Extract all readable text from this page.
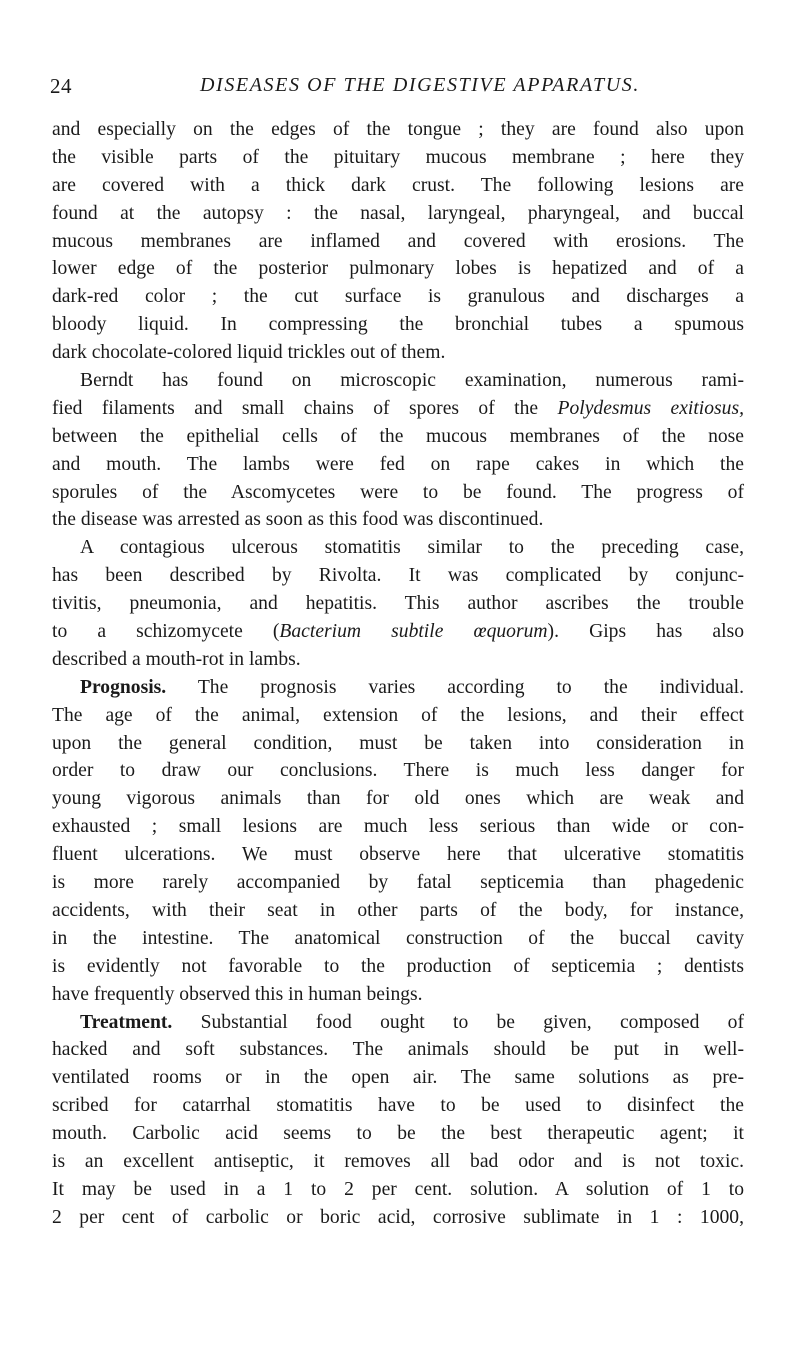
24	DISEASES OF THE DIGESTIVE APPARATUS.
and especially on the edges of the tongue ; they are found also upon
the visible parts of the pituitary mucous membrane ; here they
are covered with a thick dark crust. The following lesions are
found at the autopsy : the nasal, laryngeal, pharyngeal, and buccal
mucous membranes are inflamed and covered with erosions. The
lower edge of the posterior pulmonary lobes is hepatized and of a
dark-red color ; the cut surface is granulous and discharges a
bloody liquid. In compressing the bronchial tubes a spumous
dark chocolate-colored liquid trickles out of them.
Berndt has found on microscopic examination, numerous rami-
fied filaments and small chains of spores of the Polydesmus exitiosus,
between the epithelial cells of the mucous membranes of the nose
and mouth. The lambs were fed on rape cakes in which the
sporules of the Ascomycetes were to be found. The progress of
the disease was arrested as soon as this food was discontinued.
A contagious ulcerous stomatitis similar to the preceding case,
has been described by Rivolta. It was complicated by conjunc-
tivitis, pneumonia, and hepatitis. This author ascribes the trouble
to a schizomycete (Bacterium subtile œquorum). Gips has also
described a mouth-rot in lambs.
Prognosis. The prognosis varies according to the individual.
The age of the animal, extension of the lesions, and their effect
upon the general condition, must be taken into consideration in
order to draw our conclusions. There is much less danger for
young vigorous animals than for old ones which are weak and
exhausted ; small lesions are much less serious than wide or con-
fluent ulcerations. We must observe here that ulcerative stomatitis
is more rarely accompanied by fatal septicemia than phagedenic
accidents, with their seat in other parts of the body, for instance,
in the intestine. The anatomical construction of the buccal cavity
is evidently not favorable to the production of septicemia ; dentists
have frequently observed this in human beings.
Treatment. Substantial food ought to be given, composed of
hacked and soft substances. The animals should be put in well-
ventilated rooms or in the open air. The same solutions as pre-
scribed for catarrhal stomatitis have to be used to disinfect the
mouth. Carbolic acid seems to be the best therapeutic agent; it
is an excellent antiseptic, it removes all bad odor and is not toxic.
It may be used in a 1 to 2 per cent. solution. A solution of 1 to
2 per cent of carbolic or boric acid, corrosive sublimate in 1 : 1000,
